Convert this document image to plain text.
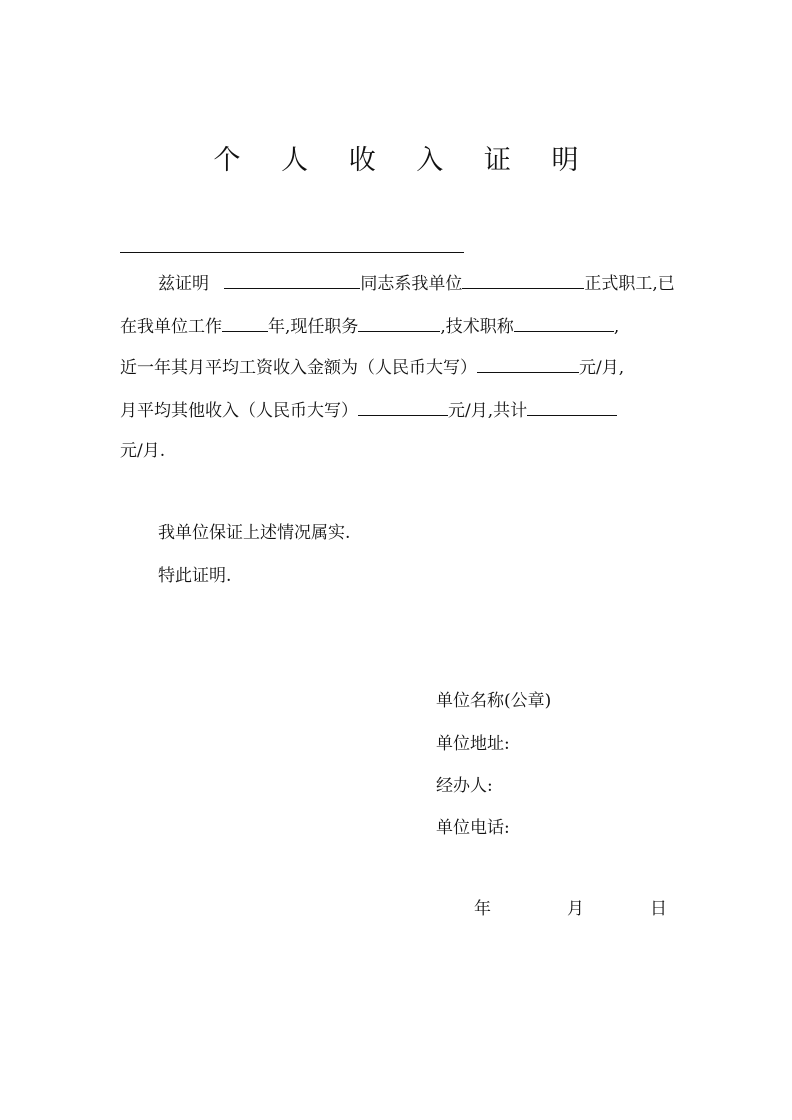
个 人 收 入 证 明
兹证明	同志系我单位	正式职工,已
在我单位工作	年,现任职务	,技术职称	,
近一年其月平均工资收入金额为（人民币大写）	元/月,
月平均其他收入（人民币大写）	元/月,共计
元/月.
我单位保证上述情况属实.
特此证明.
单位名称(公章)
单位地址:
经办人:
单位电话:
年	月	日
